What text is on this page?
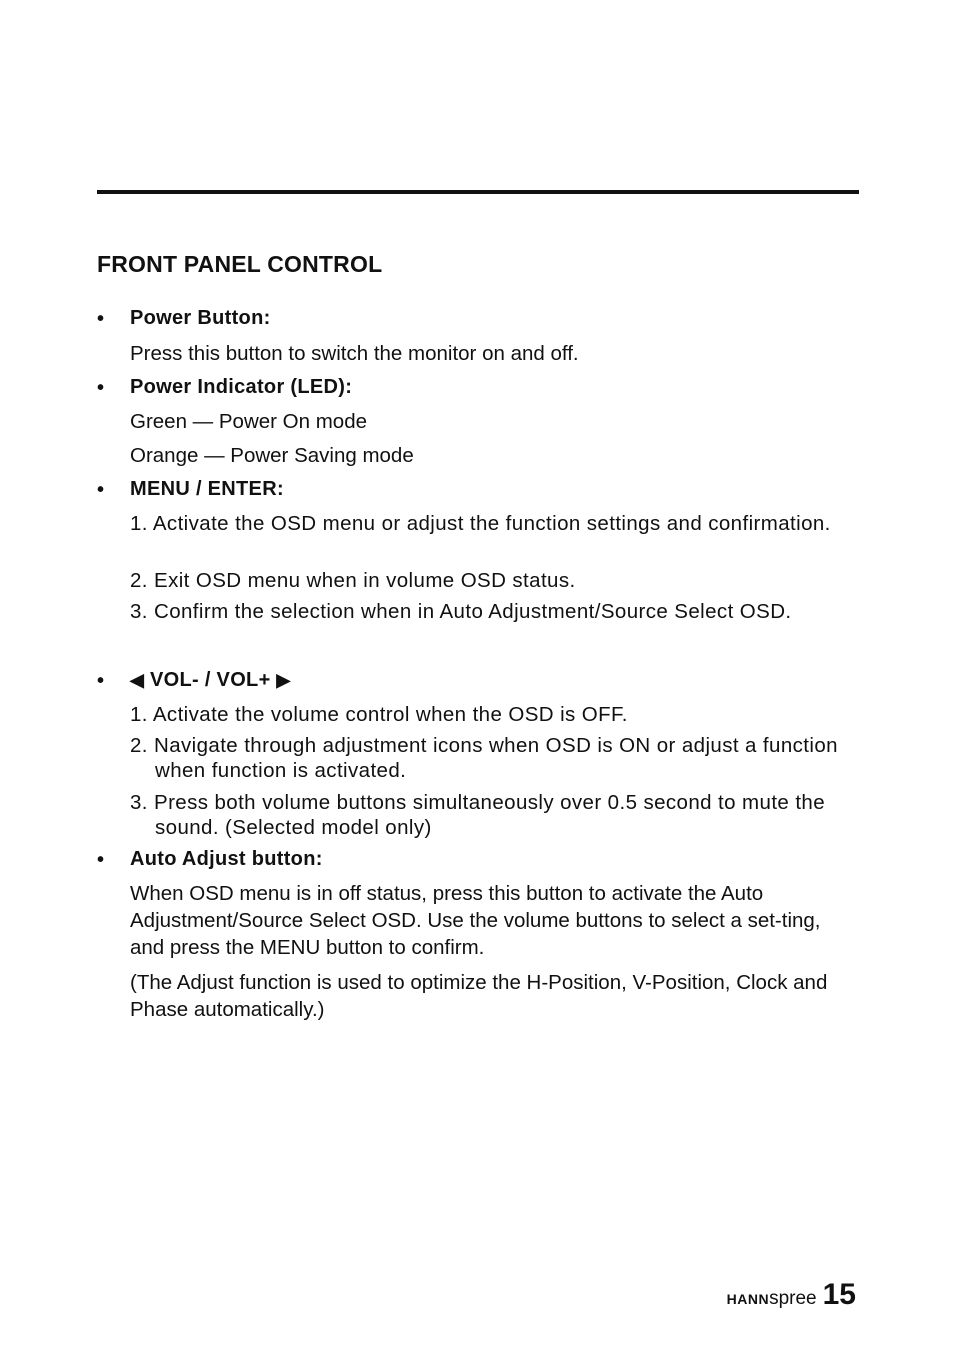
FRONT PANEL CONTROL
• Power Button:
Press this button to switch the monitor on and off.
• Power Indicator (LED):
Green — Power On mode
Orange — Power Saving mode
• MENU / ENTER:
1. Activate the OSD menu or adjust the function settings and confirmation.
2. Exit OSD menu when in volume OSD status.
3. Confirm the selection when in Auto Adjustment/Source Select OSD.
• ◀ VOL- / VOL+ ▶
1. Activate the volume control when the OSD is OFF.
2. Navigate through adjustment icons when OSD is ON or adjust a function when function is activated.
3. Press both volume buttons simultaneously over 0.5 second to mute the sound. (Selected model only)
• Auto Adjust button:
When OSD menu is in off status, press this button to activate the Auto Adjustment/Source Select OSD. Use the volume buttons to select a set-ting, and press the MENU button to confirm.
(The Adjust function is used to optimize the H-Position, V-Position, Clock and Phase automatically.)
HANN spree 15
